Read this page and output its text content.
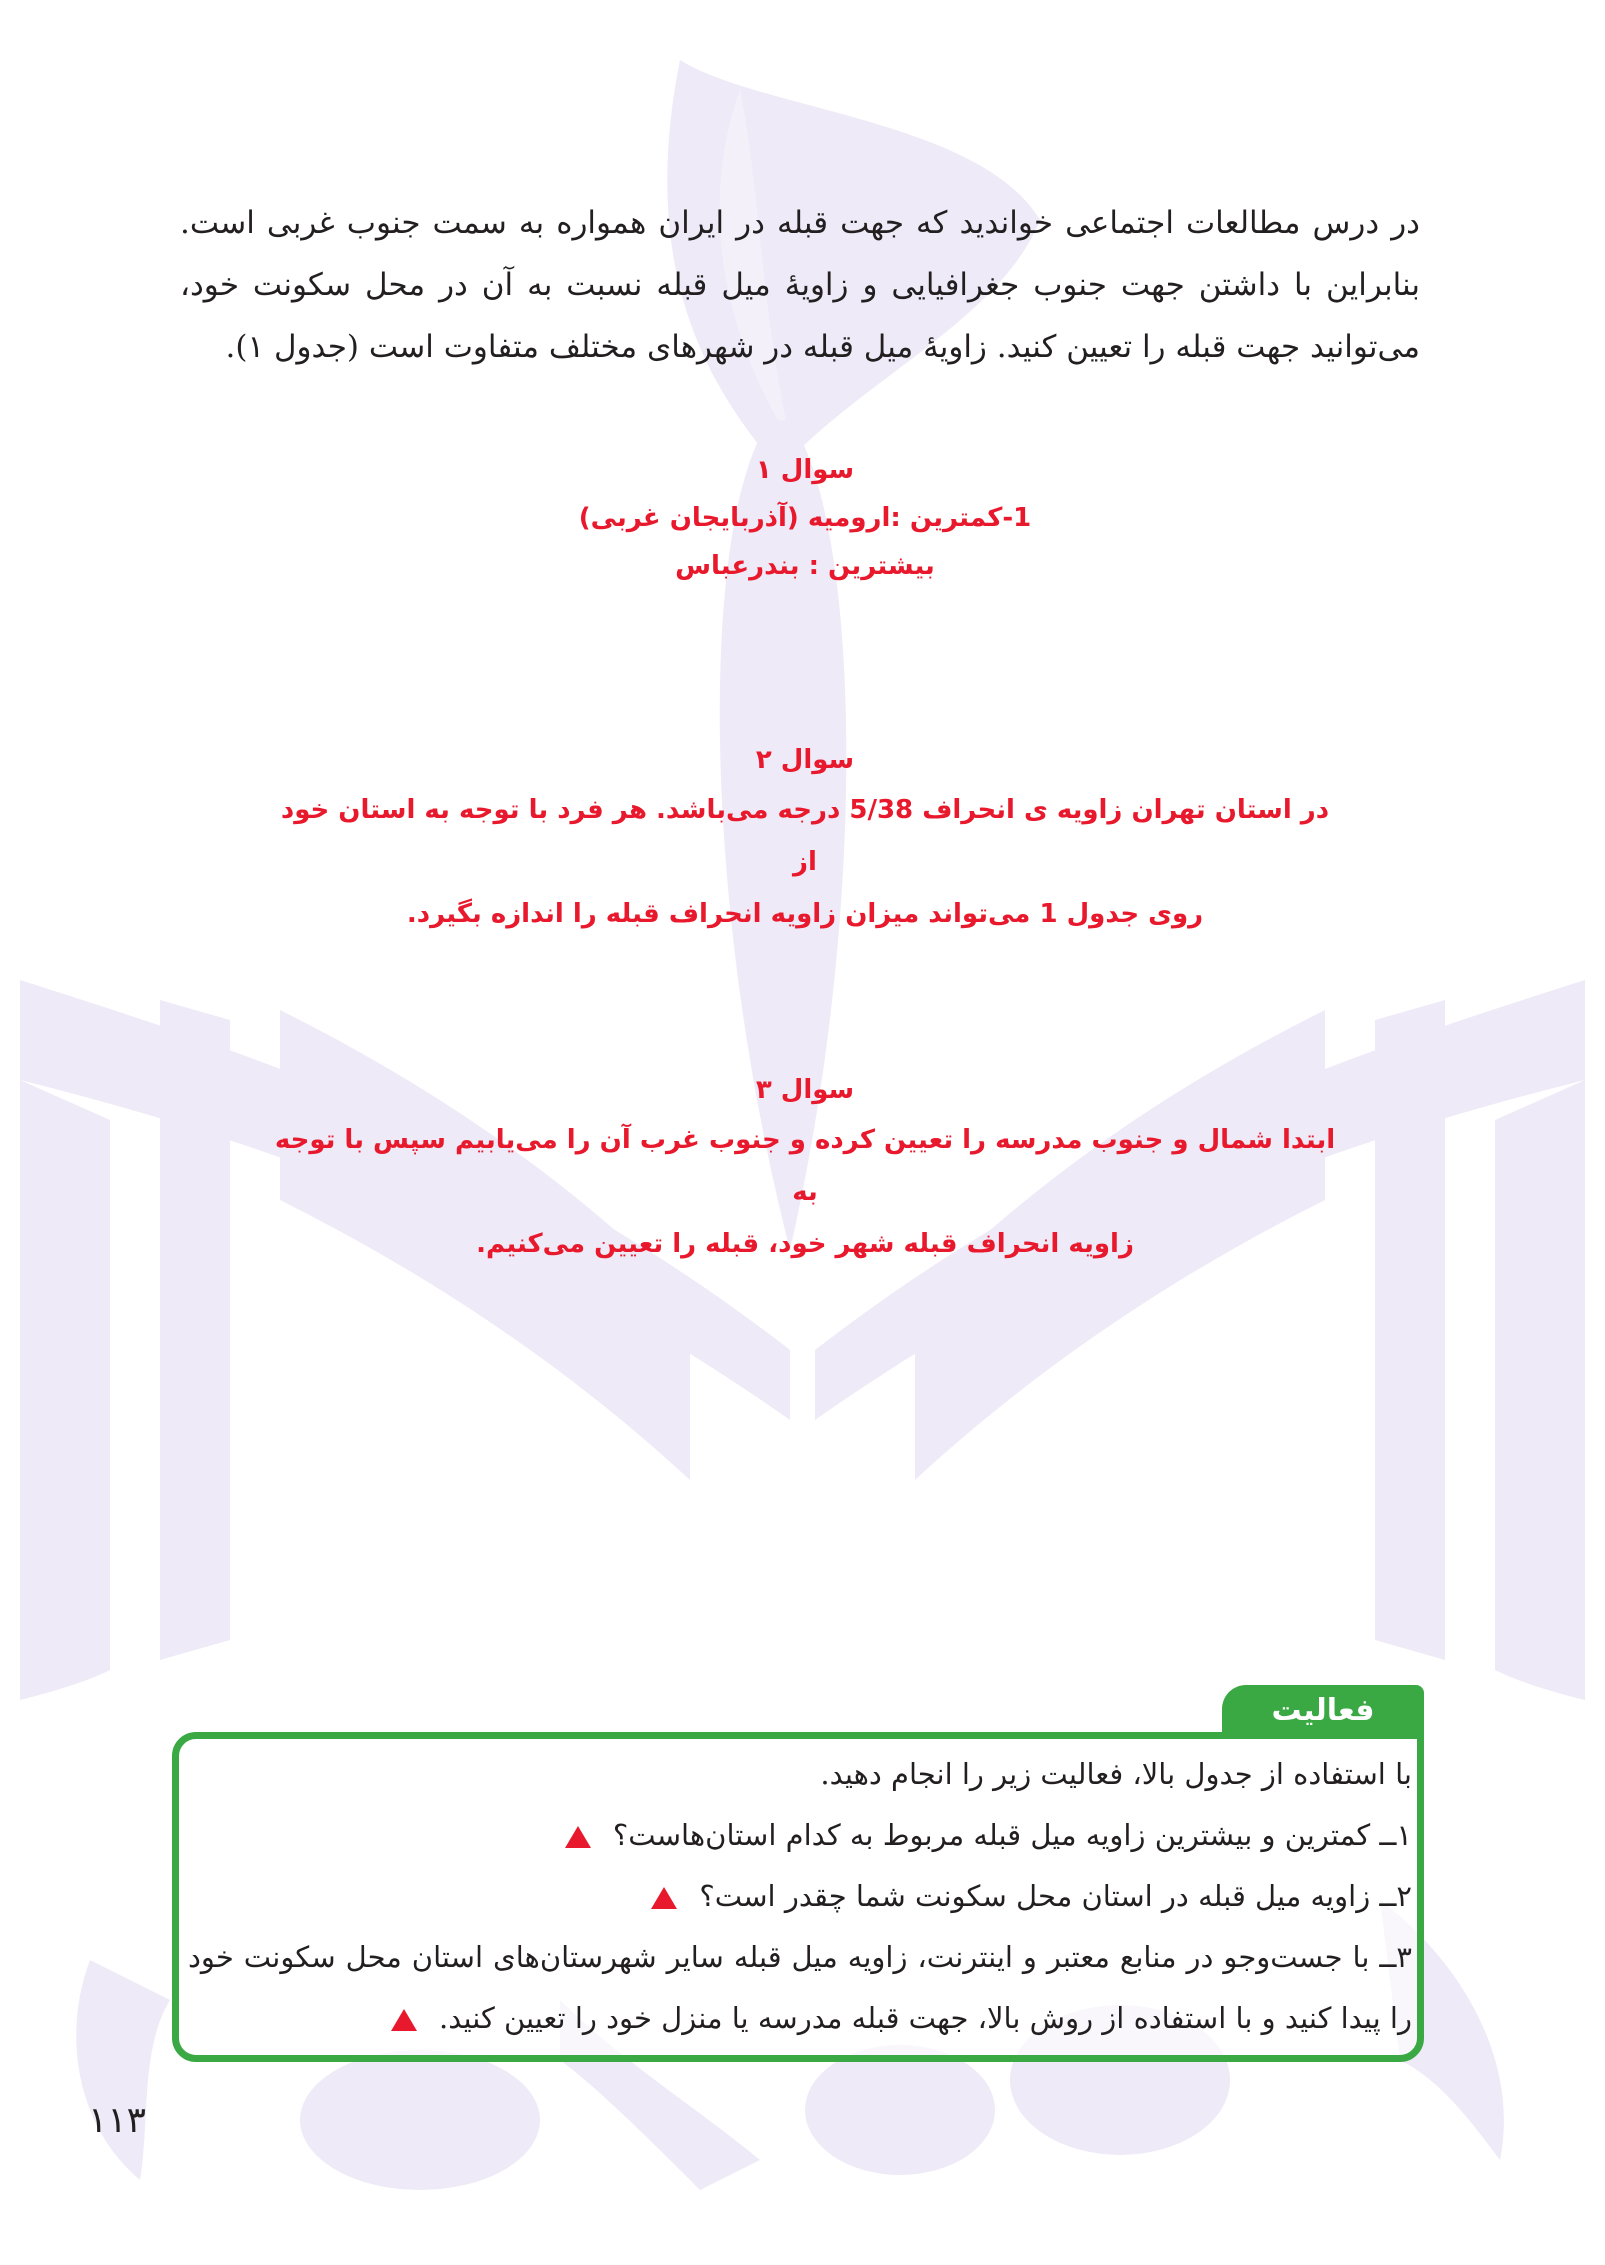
در درس مطالعات اجتماعی خواندید که جهت قبله در ایران همواره به سمت جنوب غربی است. بنابراین با داشتن جهت جنوب جغرافیایی و زاویهٔ میل قبله نسبت به آن در محل سکونت خود، می‌توانید جهت قبله را تعیین کنید. زاویهٔ میل قبله در شهرهای مختلف متفاوت است (جدول ۱).

سوال ۱

1-کمترین :ارومیه (آذربایجان غربی)

بیشترین : بندرعباس

سوال ۲

در استان تهران زاویه ی انحراف 5/38 درجه می‌باشد. هر فرد با توجه به استان خود از

روی جدول 1 می‌تواند میزان زاویه انحراف قبله را اندازه بگیرد.

سوال ۳

ابتدا شمال و جنوب مدرسه را تعیین کرده و جنوب غرب آن را می‌یابیم سپس با توجه به

زاویه انحراف قبله شهر خود، قبله را تعیین می‌کنیم.

فعالیت

با استفاده از جدول بالا، فعالیت زیر را انجام دهید.

۱ــ کمترین و بیشترین زاویه میل قبله مربوط به کدام استان‌هاست؟

۲ــ زاویه میل قبله در استان محل سکونت شما چقدر است؟

۳ــ با جست‌وجو در منابع معتبر و اینترنت، زاویه میل قبله سایر شهرستان‌های استان محل سکونت خود را پیدا کنید و با استفاده از روش بالا، جهت قبله مدرسه یا منزل خود را تعیین کنید.

۱۱۳
